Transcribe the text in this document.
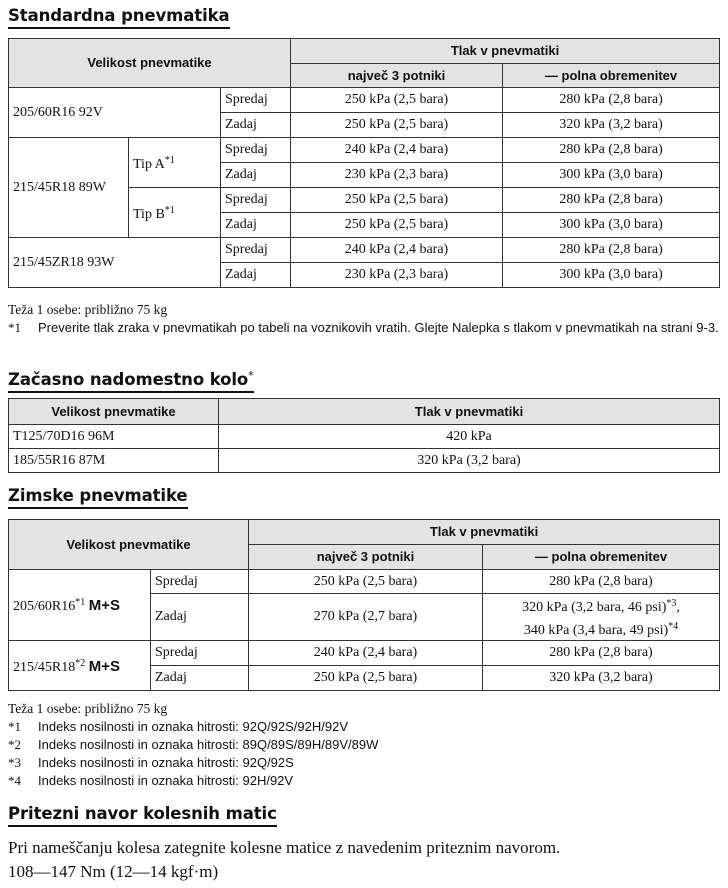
Standardna pnevmatika
Velikost pnevmatike			Tlak v pnevmatiki	
			največ 3 potniki	— polna obremenitev
205/60R16 92V		Spredaj	250 kPa (2,5 bara)	280 kPa (2,8 bara)
		Zadaj	250 kPa (2,5 bara)	320 kPa (3,2 bara)
215/45R18 89W	Tip $A^{*1}$	Spredaj	240 kPa (2,4 bara)	280 kPa (2,8 bara)
		Zadaj	230 kPa (2,3 bara)	300 kPa (3,0 bara)
	Tip $B^{*1}$	Spredaj	250 kPa (2,5 bara)	280 kPa (2,8 bara)
		Zadaj	250 kPa (2,5 bara)	300 kPa (3,0 bara)
215/45ZR18 93W		Spredaj	240 kPa (2,4 bara)	280 kPa (2,8 bara)
		Zadaj	230 kPa (2,3 bara)	300 kPa (3,0 bara)
Teža 1 osebe: približno 75 kg
*1	Preverite tlak zraka v pnevmatikah po tabeli na voznikovih vratih. Glejte Nalepka s tlakom v pnevmatikah na strani 9-3.
Začasno nadomestno kolo*
Velikost pnevmatike	Tlak v pnevmatiki
T125/70D16 96M	420 kPa
185/55R16 87M	320 kPa (3,2 bara)
Zimske pnevmatike
Velikost pnevmatike		Tlak v pnevmatiki	
		največ 3 potniki	— polna obremenitev
205/60R16$^{*1}$ M+S	Spredaj	250 kPa (2,5 bara)	280 kPa (2,8 bara)
	Zadaj	270 kPa (2,7 bara)	320 kPa (3,2 bara, 46 psi)$^{*3}$,
340 kPa (3,4 bara, 49 psi)$^{*4}$
215/45R18$^{*2}$ M+S	Spredaj	240 kPa (2,4 bara)	280 kPa (2,8 bara)
	Zadaj	250 kPa (2,5 bara)	320 kPa (3,2 bara)
Teža 1 osebe: približno 75 kg
*1	Indeks nosilnosti in oznaka hitrosti: 92Q/92S/92H/92V
*2	Indeks nosilnosti in oznaka hitrosti: 89Q/89S/89H/89V/89W
*3	Indeks nosilnosti in oznaka hitrosti: 92Q/92S
*4	Indeks nosilnosti in oznaka hitrosti: 92H/92V
Pritezni navor kolesnih matic
Pri nameščanju kolesa zategnite kolesne matice z navedenim priteznim navorom.
108—147 Nm (12—14 kgf·m)
